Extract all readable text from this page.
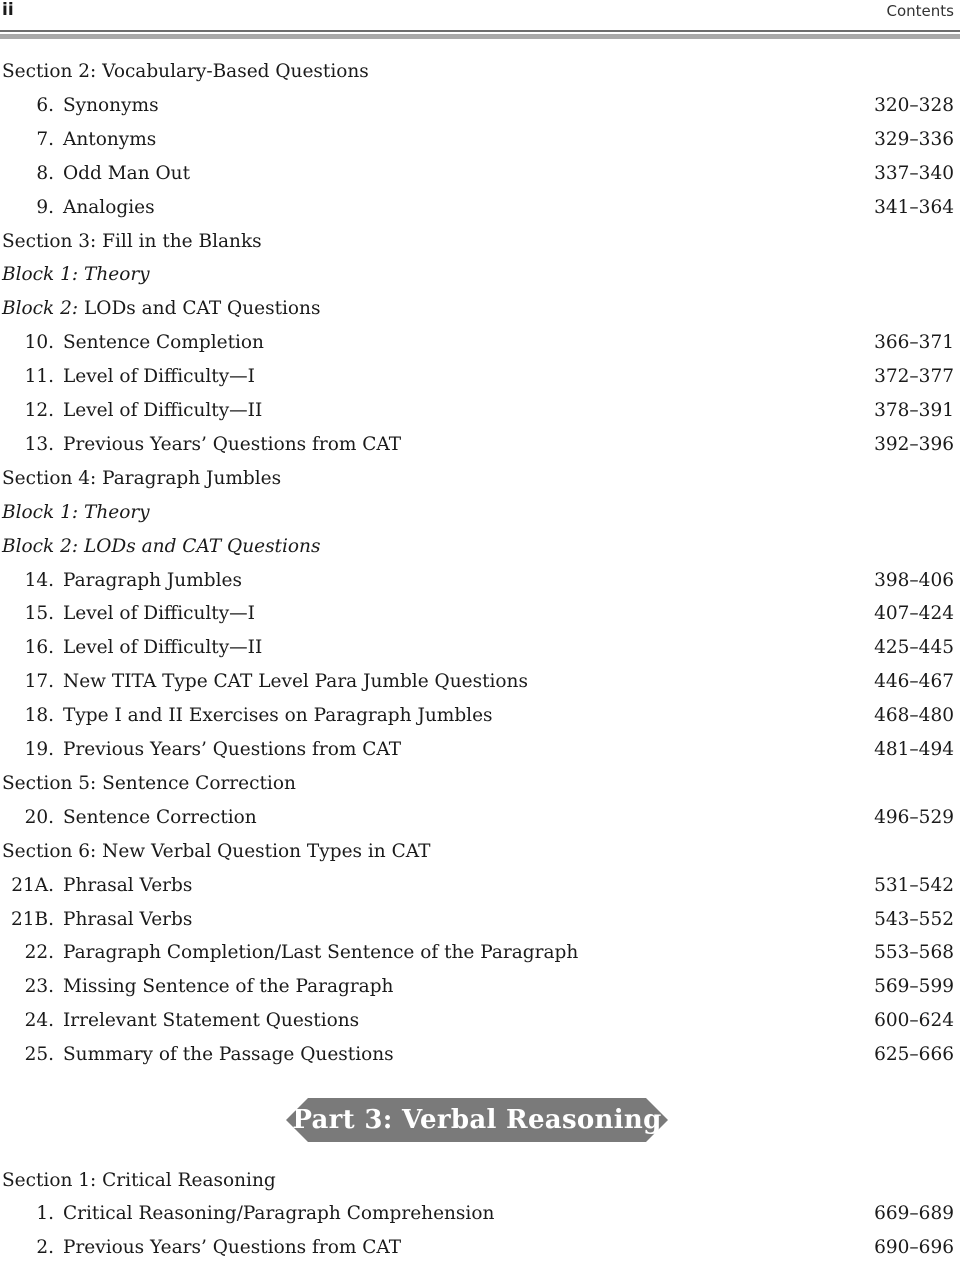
ii	Contents
Section 2: Vocabulary-Based Questions
6. Synonyms	320–328
7. Antonyms	329–336
8. Odd Man Out	337–340
9. Analogies	341–364
Section 3: Fill in the Blanks
Block 1: Theory
Block 2: LODs and CAT Questions
10. Sentence Completion	366–371
11. Level of Difficulty—I	372–377
12. Level of Difficulty—II	378–391
13. Previous Years’ Questions from CAT	392–396
Section 4: Paragraph Jumbles
Block 1: Theory
Block 2: LODs and CAT Questions
14. Paragraph Jumbles	398–406
15. Level of Difficulty—I	407–424
16. Level of Difficulty—II	425–445
17. New TITA Type CAT Level Para Jumble Questions	446–467
18. Type I and II Exercises on Paragraph Jumbles	468–480
19. Previous Years’ Questions from CAT	481–494
Section 5: Sentence Correction
20. Sentence Correction	496–529
Section 6: New Verbal Question Types in CAT
21A. Phrasal Verbs	531–542
21B. Phrasal Verbs	543–552
22. Paragraph Completion/Last Sentence of the Paragraph	553–568
23. Missing Sentence of the Paragraph	569–599
24. Irrelevant Statement Questions	600–624
25. Summary of the Passage Questions	625–666
Part 3: Verbal Reasoning
Section 1: Critical Reasoning
1. Critical Reasoning/Paragraph Comprehension	669–689
2. Previous Years’ Questions from CAT	690–696
